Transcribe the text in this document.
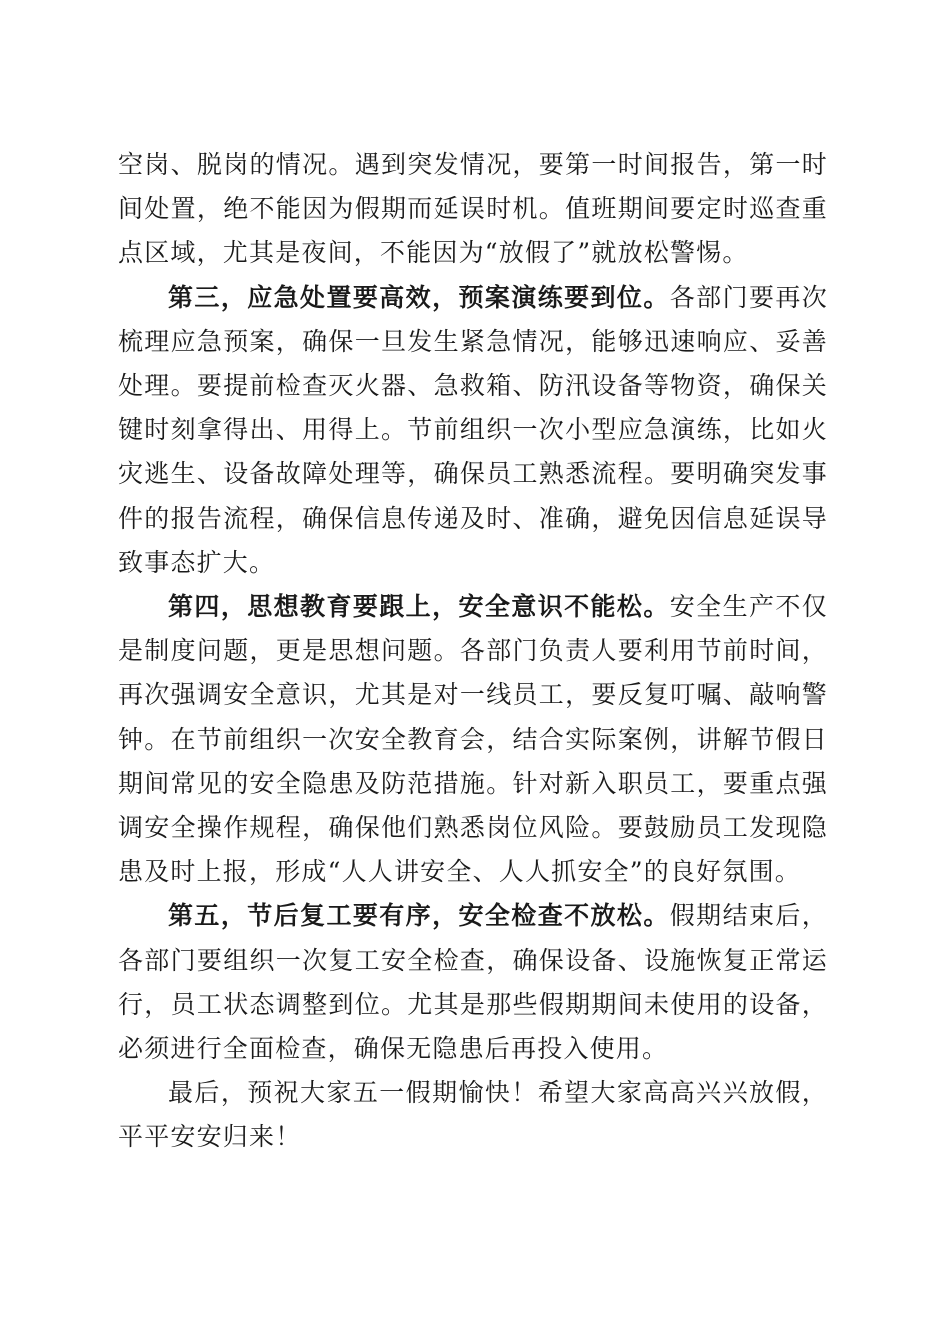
空岗、脱岗的情况。遇到突发情况，要第一时间报告，第一时间处置，绝不能因为假期而延误时机。值班期间要定时巡查重点区域，尤其是夜间，不能因为“放假了”就放松警惕。

第三，应急处置要高效，预案演练要到位。各部门要再次梳理应急预案，确保一旦发生紧急情况，能够迅速响应、妥善处理。要提前检查灭火器、急救箱、防汛设备等物资，确保关键时刻拿得出、用得上。节前组织一次小型应急演练，比如火灾逃生、设备故障处理等，确保员工熟悉流程。要明确突发事件的报告流程，确保信息传递及时、准确，避免因信息延误导致事态扩大。

第四，思想教育要跟上，安全意识不能松。安全生产不仅是制度问题，更是思想问题。各部门负责人要利用节前时间，再次强调安全意识，尤其是对一线员工，要反复叮嘱、敲响警钟。在节前组织一次安全教育会，结合实际案例，讲解节假日期间常见的安全隐患及防范措施。针对新入职员工，要重点强调安全操作规程，确保他们熟悉岗位风险。要鼓励员工发现隐患及时上报，形成“人人讲安全、人人抓安全”的良好氛围。

第五，节后复工要有序，安全检查不放松。假期结束后，各部门要组织一次复工安全检查，确保设备、设施恢复正常运行，员工状态调整到位。尤其是那些假期期间未使用的设备，必须进行全面检查，确保无隐患后再投入使用。

最后，预祝大家五一假期愉快！希望大家高高兴兴放假，平平安安归来！
